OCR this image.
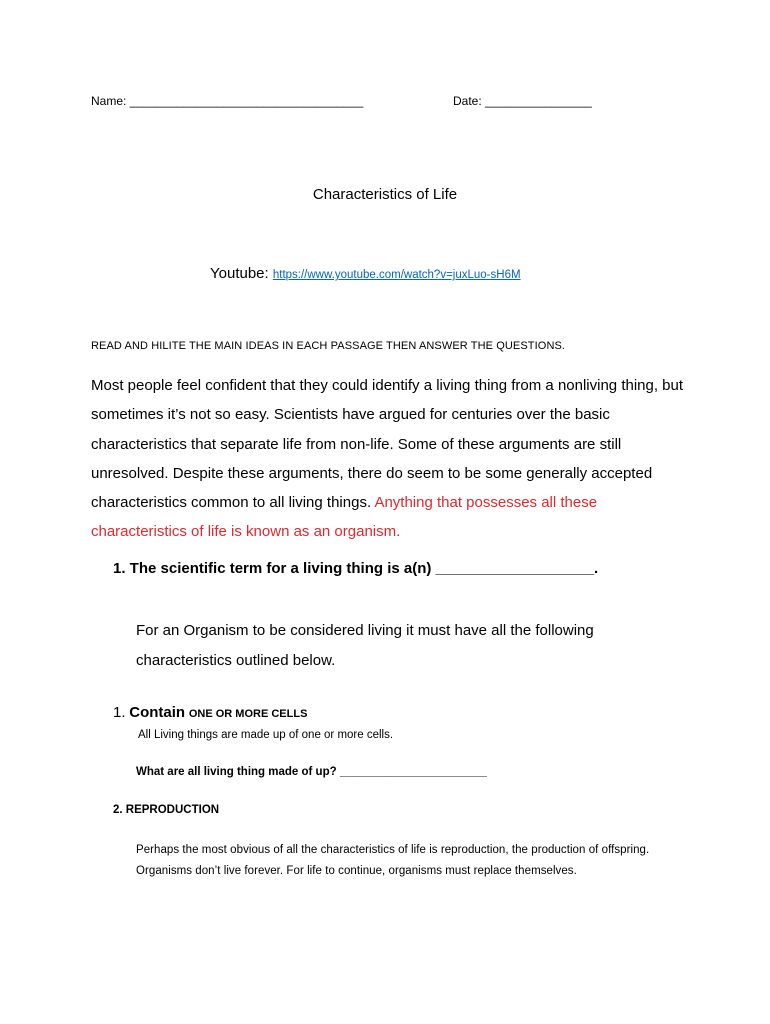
Name: ___________________________________	Date: ________________
Characteristics of Life
Youtube: https://www.youtube.com/watch?v=juxLuo-sH6M
READ AND HILITE THE MAIN IDEAS IN EACH PASSAGE THEN ANSWER THE QUESTIONS.
Most people feel confident that they could identify a living thing from a nonliving thing, but sometimes it’s not so easy. Scientists have argued for centuries over the basic characteristics that separate life from non-life. Some of these arguments are still unresolved. Despite these arguments, there do seem to be some generally accepted characteristics common to all living things. Anything that possesses all these characteristics of life is known as an organism.
1. The scientific term for a living thing is a(n) ___________________.
For an Organism to be considered living it must have all the following characteristics outlined below.
1. Contain ONE OR MORE CELLS
All Living things are made up of one or more cells.
What are all living thing made of up? _______________________
2. REPRODUCTION
Perhaps the most obvious of all the characteristics of life is reproduction, the production of offspring. Organisms don’t live forever. For life to continue, organisms must replace themselves.
